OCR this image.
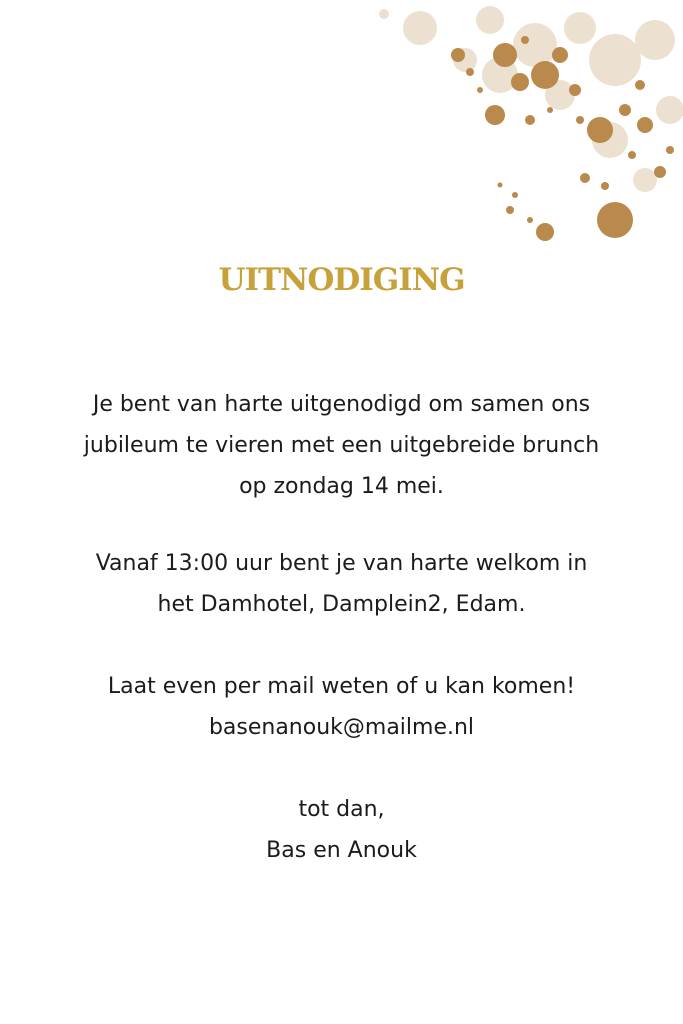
UITNODIGING
Je bent van harte uitgenodigd om samen ons
jubileum te vieren met een uitgebreide brunch
op zondag 14 mei.
Vanaf 13:00 uur bent je van harte welkom in
het Damhotel, Damplein2, Edam.
Laat even per mail weten of u kan komen!
basenanouk@mailme.nl
tot dan,
Bas en Anouk
